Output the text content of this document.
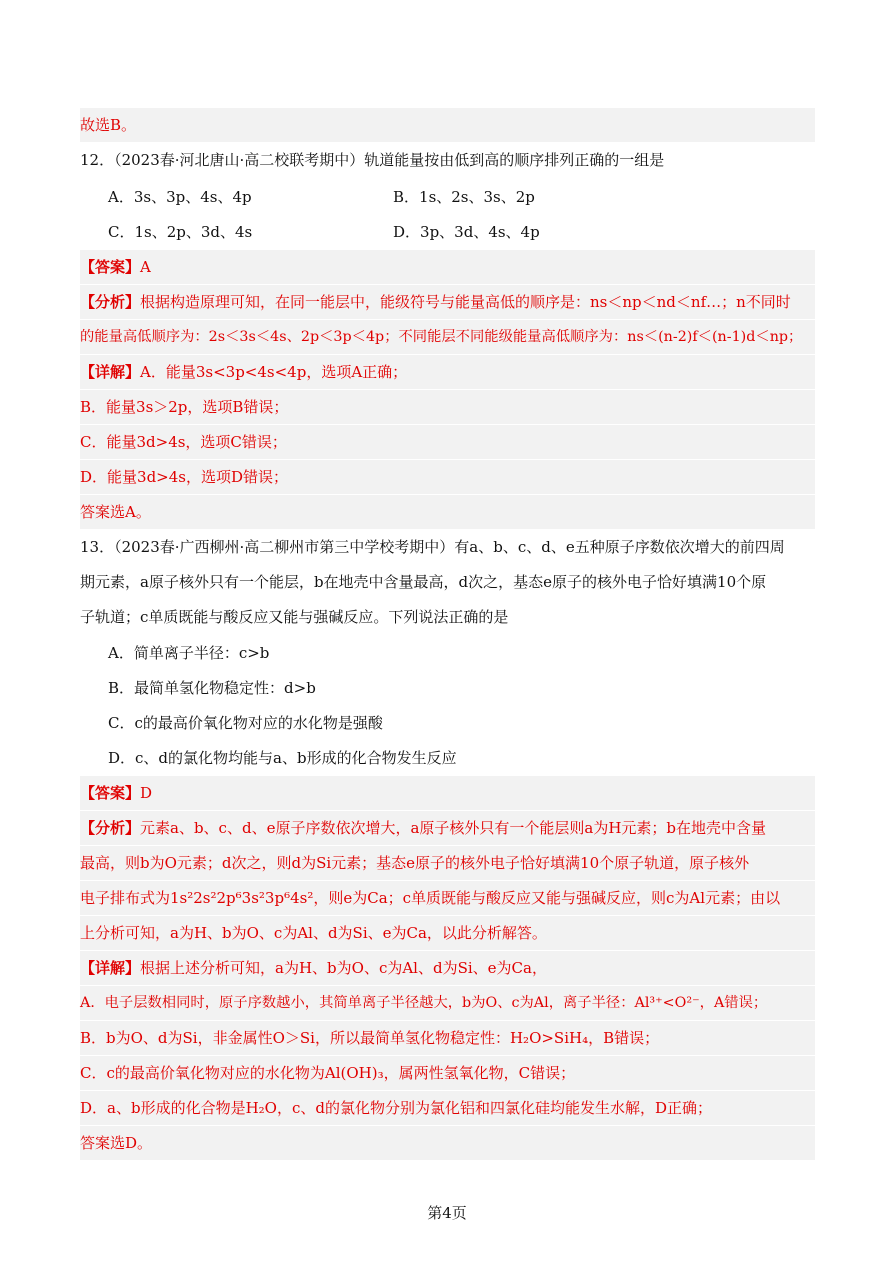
故选B。
12．（2023春·河北唐山·高二校联考期中）轨道能量按由低到高的顺序排列正确的一组是
A．3s、3p、4s、4p	B．1s、2s、3s、2p
C．1s、2p、3d、4s	D．3p、3d、4s、4p
【答案】A
【分析】根据构造原理可知，在同一能层中，能级符号与能量高低的顺序是：ns＜np＜nd＜nf…；n不同时
的能量高低顺序为：2s＜3s＜4s、2p＜3p＜4p；不同能层不同能级能量高低顺序为：ns＜(n-2)f＜(n-1)d＜np；
【详解】A．能量3s<3p<4s<4p，选项A正确；
B．能量3s＞2p，选项B错误；
C．能量3d>4s，选项C错误；
D．能量3d>4s，选项D错误；
答案选A。
13．（2023春·广西柳州·高二柳州市第三中学校考期中）有a、b、c、d、e五种原子序数依次增大的前四周
期元素，a原子核外只有一个能层，b在地壳中含量最高，d次之，基态e原子的核外电子恰好填满10个原
子轨道；c单质既能与酸反应又能与强碱反应。下列说法正确的是
A．简单离子半径：c>b
B．最简单氢化物稳定性：d>b
C．c的最高价氧化物对应的水化物是强酸
D．c、d的氯化物均能与a、b形成的化合物发生反应
【答案】D
【分析】元素a、b、c、d、e原子序数依次增大，a原子核外只有一个能层则a为H元素；b在地壳中含量
最高，则b为O元素；d次之，则d为Si元素；基态e原子的核外电子恰好填满10个原子轨道，原子核外
电子排布式为1s²2s²2p⁶3s²3p⁶4s²，则e为Ca；c单质既能与酸反应又能与强碱反应，则c为Al元素；由以
上分析可知，a为H、b为O、c为Al、d为Si、e为Ca，以此分析解答。
【详解】根据上述分析可知，a为H、b为O、c为Al、d为Si、e为Ca，
A．电子层数相同时，原子序数越小，其简单离子半径越大，b为O、c为Al，离子半径：Al³⁺<O²⁻，A错误；
B．b为O、d为Si，非金属性O＞Si，所以最简单氢化物稳定性：H₂O>SiH₄，B错误；
C．c的最高价氧化物对应的水化物为Al(OH)₃，属两性氢氧化物，C错误；
D．a、b形成的化合物是H₂O，c、d的氯化物分别为氯化铝和四氯化硅均能发生水解，D正确；
答案选D。
第4页
